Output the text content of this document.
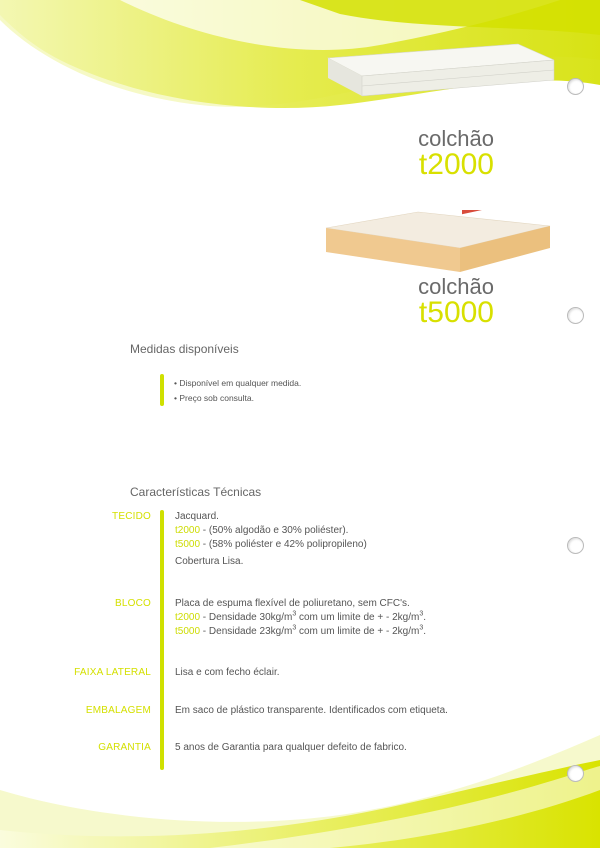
colchão
t2000
colchão
t5000
Medidas disponíveis
• Disponível em qualquer medida.
• Preço sob consulta.
Características Técnicas
TECIDO Jacquard.
t2000 - (50% algodão e 30% poliéster).
t5000 - (58% poliéster e 42% polipropileno)
Cobertura Lisa.
BLOCO Placa de espuma flexível de poliuretano, sem CFC's.
t2000 - Densidade $30kg/m^3$ com um limite de + - $2kg/m^3$.
t5000 - Densidade $23kg/m^3$ com um limite de + - $2kg/m^3$.
FAIXA LATERAL Lisa e com fecho éclair.
EMBALAGEM Em saco de plástico transparente. Identificados com etiqueta.
GARANTIA 5 anos de Garantia para qualquer defeito de fabrico.
